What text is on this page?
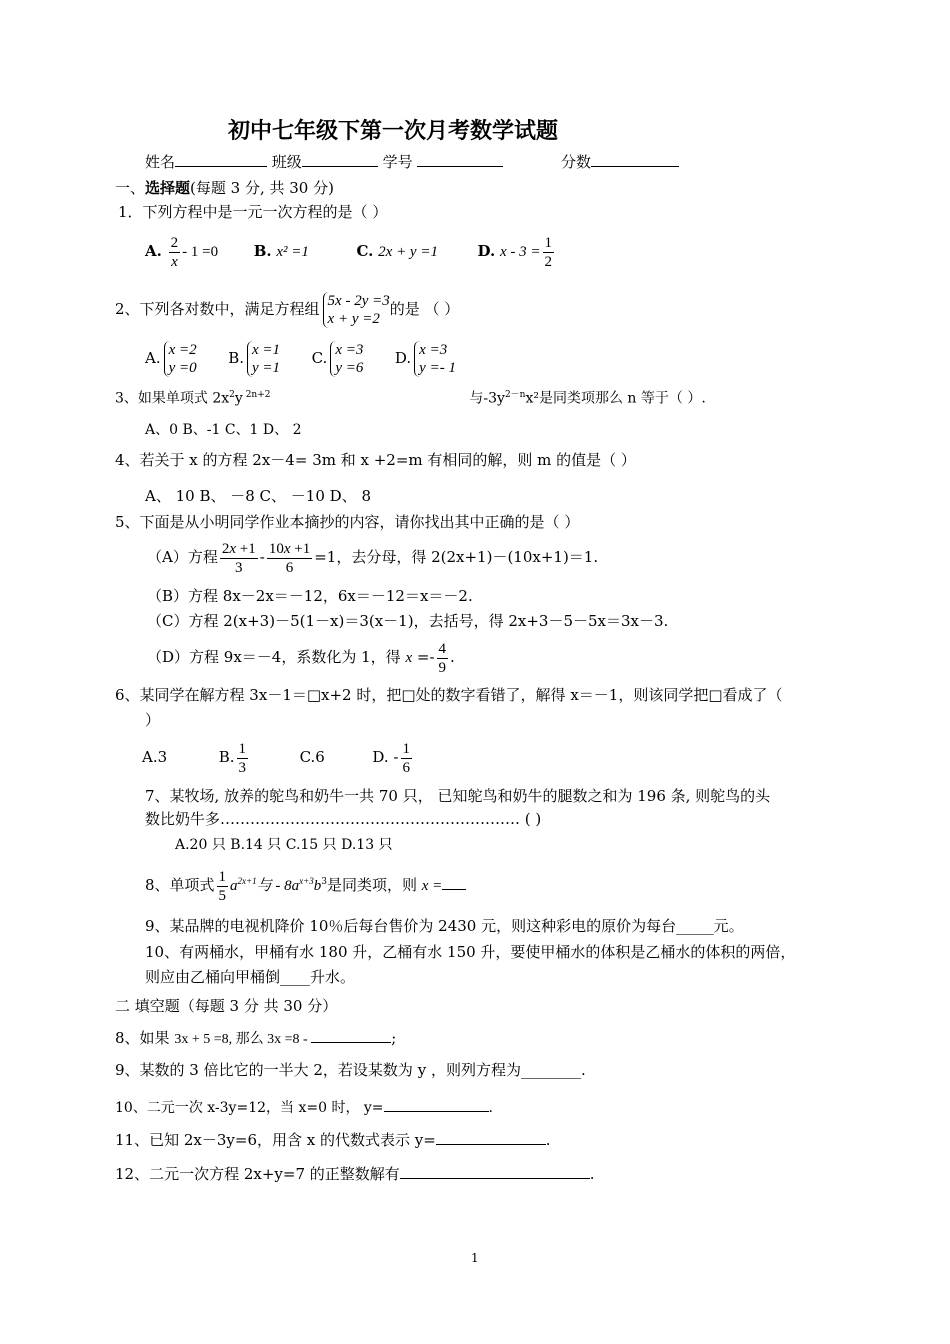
初中七年级下第一次月考数学试题
姓名	班级	学号	分数
一、选择题(每题 3 分, 共 30 分)
1．下列方程中是一元一次方程的是（ ）
A. $\frac{2}{x} - 1 =0$ B. x² =1	C. 2x + y =1	D. $x - 3 = \frac{1}{2}$
2、下列各对数中，满足方程组 5x - 2y =3
x + y =2
的是 （ ）
A. x =2
y =0
B. x =1
y =1
C. x =3
y =6
D. x =3
y =- 1
3、如果单项式 $2x^2y$ $^{2n+2}$	与$-3y^{2-n}x^2$是同类项那么 n 等于（ ）.
A、0 B、-1 C、1 D、 2
4、若关于 x 的方程 2x－4= 3m 和 x +2=m 有相同的解，则 m 的值是（ ）
A、 10 B、 －8 C、 －10 D、 8
5、下面是从小明同学作业本摘抄的内容，请你找出其中正确的是（ ）
（A）方程 $\frac{2x +1}{3} - \frac{10x +1}{6} =1$，去分母，得 2(2x+1)－(10x+1)＝1.
（B）方程 8x－2x＝－12，6x＝－12＝x＝－2.
（C）方程 2(x+3)－5(1－x)＝3(x－1)，去括号，得 2x+3－5－5x＝3x－3.
（D）方程 9x＝－4，系数化为 1，得 $x =- \frac{4}{9}$ .
6、某同学在解方程 3x－1＝□x+2 时，把□处的数字看错了，解得 x＝－1，则该同学把□看成了（
）
A.3	B. $\frac{1}{3}$	C.6	D. - $\frac{1}{6}$
7、某牧场, 放养的鸵鸟和奶牛一共 70 只， 已知鸵鸟和奶牛的腿数之和为 196 条, 则鸵鸟的头
数比奶牛多…………………………………………………… ( )
A.20 只 B.14 只 C.15 只 D.13 只
8、单项式 $\frac{1}{5} a^{2x+1}$与 - $8a^{x+3}b^3$是同类项，则 x =
9、某品牌的电视机降价 10％后每台售价为 2430 元，则这种彩电的原价为每台_____元。
10、有两桶水，甲桶有水 180 升，乙桶有水 150 升，要使甲桶水的体积是乙桶水的体积的两倍，
则应由乙桶向甲桶倒____升水。
二 填空题（每题 3 分 共 30 分）
8、如果 3x + 5 =8, 那么 3x =8 -	;
9、某数的 3 倍比它的一半大 2，若设某数为 y ，则列方程为________.
10、二元一次 x-3y=12，当 x=0 时， y=	.
11、已知 2x－3y=6，用含 x 的代数式表示 y=	.
12、二元一次方程 2x+y=7 的正整数解有	.
1
